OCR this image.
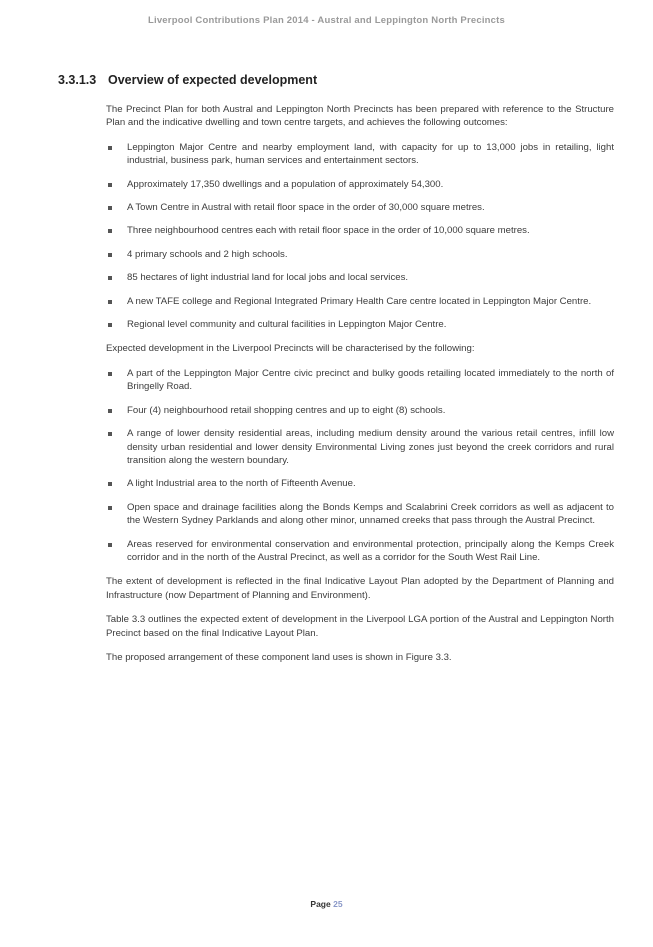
Liverpool Contributions Plan 2014 - Austral and Leppington North Precincts
3.3.1.3 Overview of expected development

The Precinct Plan for both Austral and Leppington North Precincts has been prepared with reference to the Structure Plan and the indicative dwelling and town centre targets, and achieves the following outcomes:

Leppington Major Centre and nearby employment land, with capacity for up to 13,000 jobs in retailing, light industrial, business park, human services and entertainment sectors.
Approximately 17,350 dwellings and a population of approximately 54,300.
A Town Centre in Austral with retail floor space in the order of 30,000 square metres.
Three neighbourhood centres each with retail floor space in the order of 10,000 square metres.
4 primary schools and 2 high schools.
85 hectares of light industrial land for local jobs and local services.
A new TAFE college and Regional Integrated Primary Health Care centre located in Leppington Major Centre.
Regional level community and cultural facilities in Leppington Major Centre.

Expected development in the Liverpool Precincts will be characterised by the following:

A part of the Leppington Major Centre civic precinct and bulky goods retailing located immediately to the north of Bringelly Road.
Four (4) neighbourhood retail shopping centres and up to eight (8) schools.
A range of lower density residential areas, including medium density around the various retail centres, infill low density urban residential and lower density Environmental Living zones just beyond the creek corridors and rural transition along the western boundary.
A light Industrial area to the north of Fifteenth Avenue.
Open space and drainage facilities along the Bonds Kemps and Scalabrini Creek corridors as well as adjacent to the Western Sydney Parklands and along other minor, unnamed creeks that pass through the Austral Precinct.
Areas reserved for environmental conservation and environmental protection, principally along the Kemps Creek corridor and in the north of the Austral Precinct, as well as a corridor for the South West Rail Line.

The extent of development is reflected in the final Indicative Layout Plan adopted by the Department of Planning and Infrastructure (now Department of Planning and Environment).

Table 3.3 outlines the expected extent of development in the Liverpool LGA portion of the Austral and Leppington North Precinct based on the final Indicative Layout Plan.

The proposed arrangement of these component land uses is shown in Figure 3.3.

Page 25
